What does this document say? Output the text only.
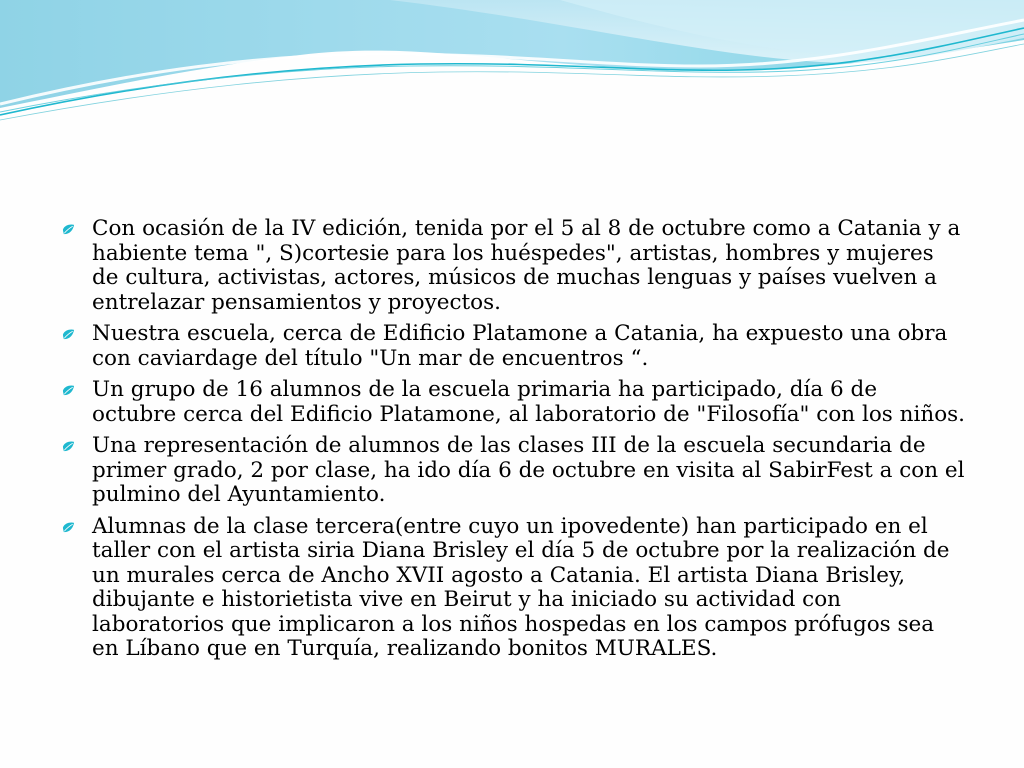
Con ocasión de la IV edición, tenida por el 5 al 8 de octubre como a Catania y a habiente tema ", S)cortesie para los huéspedes", artistas, hombres y mujeres de cultura, activistas, actores, músicos de muchas lenguas y países vuelven a entrelazar pensamientos y proyectos.
Nuestra escuela, cerca de Edificio Platamone a Catania, ha expuesto una obra con caviardage del título "Un mar de encuentros “.
Un grupo de 16 alumnos de la escuela primaria ha participado, día 6 de octubre cerca del Edificio Platamone, al laboratorio de "Filosofía" con los niños.
Una representación de alumnos de las clases III de la escuela secundaria de primer grado, 2 por clase, ha ido día 6 de octubre en visita al SabirFest a con el pulmino del Ayuntamiento.
Alumnas de la clase tercera(entre cuyo un ipovedente) han participado en el taller con el artista siria Diana Brisley el día 5 de octubre por la realización de un murales cerca de Ancho XVII agosto a Catania. El artista Diana Brisley, dibujante e historietista vive en Beirut y ha iniciado su actividad con laboratorios que implicaron a los niños hospedas en los campos prófugos sea en Líbano que en Turquía, realizando bonitos MURALES.
